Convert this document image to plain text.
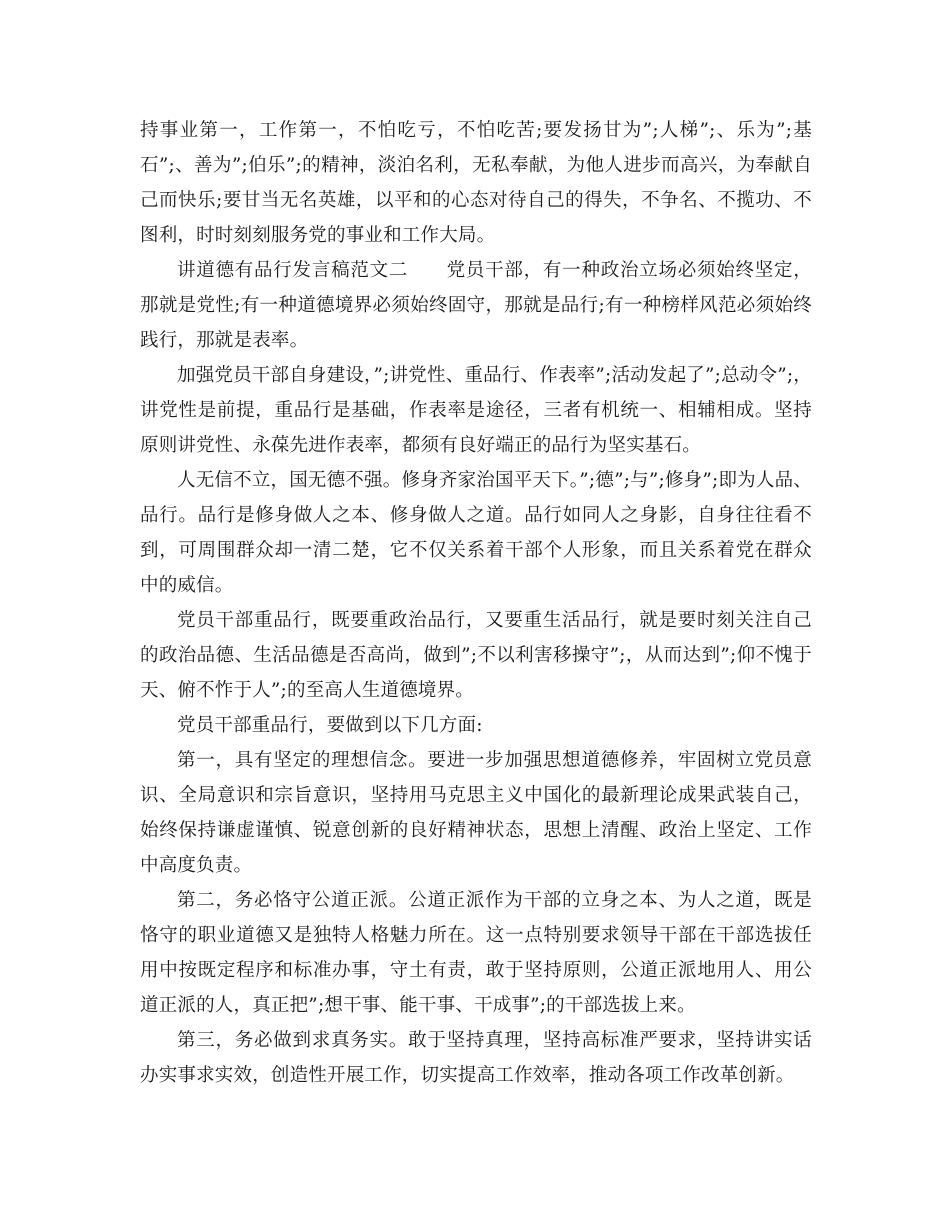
持事业第一，工作第一，不怕吃亏，不怕吃苦;要发扬甘为”;人梯”;、乐为”;基石”;、善为”;伯乐”;的精神，淡泊名利，无私奉献，为他人进步而高兴，为奉献自己而快乐;要甘当无名英雄，以平和的心态对待自己的得失，不争名、不揽功、不图利，时时刻刻服务党的事业和工作大局。

讲道德有品行发言稿范文二　　党员干部，有一种政治立场必须始终坚定，那就是党性;有一种道德境界必须始终固守，那就是品行;有一种榜样风范必须始终践行，那就是表率。

加强党员干部自身建设，”;讲党性、重品行、作表率”;活动发起了”;总动令”;，讲党性是前提，重品行是基础，作表率是途径，三者有机统一、相辅相成。坚持原则讲党性、永葆先进作表率，都须有良好端正的品行为坚实基石。

人无信不立，国无德不强。修身齐家治国平天下。”;德”;与”;修身”;即为人品、品行。品行是修身做人之本、修身做人之道。品行如同人之身影，自身往往看不到，可周围群众却一清二楚，它不仅关系着干部个人形象，而且关系着党在群众中的威信。

党员干部重品行，既要重政治品行，又要重生活品行，就是要时刻关注自己的政治品德、生活品德是否高尚，做到”;不以利害移操守”;，从而达到”;仰不愧于天、俯不怍于人”;的至高人生道德境界。

党员干部重品行，要做到以下几方面:

第一，具有坚定的理想信念。要进一步加强思想道德修养，牢固树立党员意识、全局意识和宗旨意识，坚持用马克思主义中国化的最新理论成果武装自己，始终保持谦虚谨慎、锐意创新的良好精神状态，思想上清醒、政治上坚定、工作中高度负责。

第二，务必恪守公道正派。公道正派作为干部的立身之本、为人之道，既是恪守的职业道德又是独特人格魅力所在。这一点特别要求领导干部在干部选拔任用中按既定程序和标准办事，守土有责，敢于坚持原则，公道正派地用人、用公道正派的人，真正把”;想干事、能干事、干成事”;的干部选拔上来。

第三，务必做到求真务实。敢于坚持真理，坚持高标准严要求，坚持讲实话办实事求实效，创造性开展工作，切实提高工作效率，推动各项工作改革创新。
